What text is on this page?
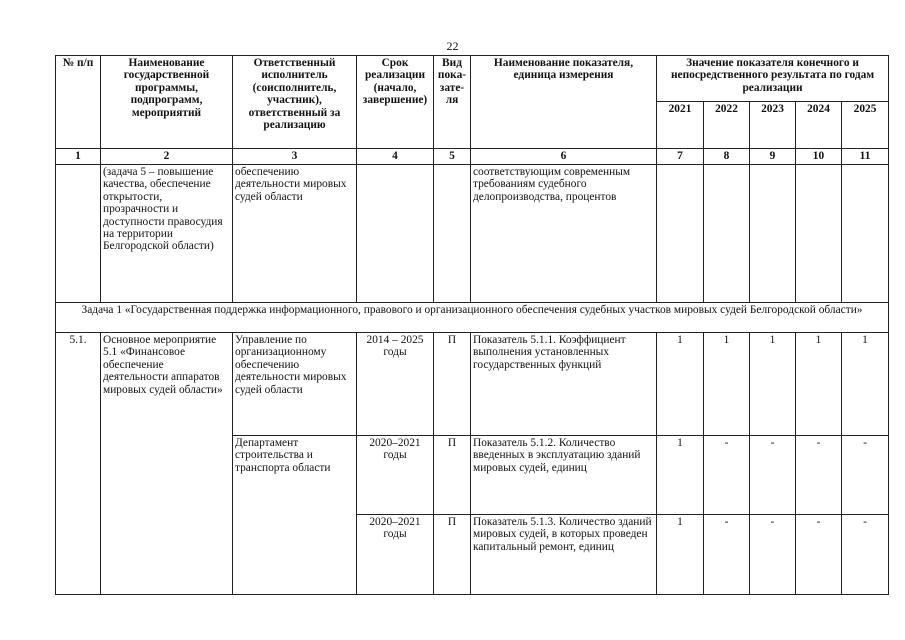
22
№ п/п	Наименование государственной программы, подпрограмм, мероприятий	Ответственный исполнитель (соисполнитель, участник), ответственный за реализацию	Срок реализации (начало, завершение)	Вид пока-зате-ля	Наименование показателя, единица измерения	Значение показателя конечного и непосредственного результата по годам реализации				
						2021	2022	2023	2024	2025
1	2	3	4	5	6	7	8	9	10	11
	(задача 5 – повышение качества, обеспечение открытости, прозрачности и доступности правосудия на территории Белгородской области)	обеспечению деятельности мировых судей области			соответствующим современным требованиям судебного делопроизводства, процентов					
Задача 1 «Государственная поддержка информационного, правового и организационного обеспечения судебных участков мировых судей Белгородской области»										
5.1.	Основное мероприятие 5.1 «Финансовое обеспечение деятельности аппаратов мировых судей области»	Управление по организационному обеспечению деятельности мировых судей области	2014 – 2025 годы	П	Показатель 5.1.1. Коэффициент выполнения установленных государственных функций	1	1	1	1	1
		Департамент строительства и транспорта области	2020–2021 годы	П	Показатель 5.1.2. Количество введенных в эксплуатацию зданий мировых судей, единиц	1	-	-	-	-
			2020–2021 годы	П	Показатель 5.1.3. Количество зданий мировых судей, в которых проведен капитальный ремонт, единиц	1	-	-	-	-
